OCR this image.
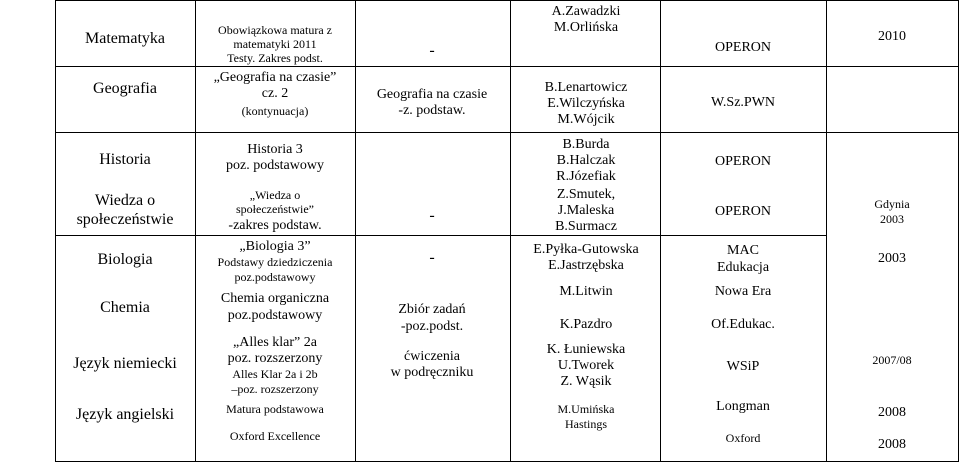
Matematyka
Geografia
Historia
Wiedza o
społeczeństwie
Biologia
Chemia
Język niemiecki
Język angielski
Obowiązkowa matura z
matematyki 2011
Testy. Zakres podst.
„Geografia na czasie”
cz. 2
(kontynuacja)
Historia 3
poz. podstawowy
„Wiedza o
społeczeństwie”
-zakres podstaw.
„Biologia 3”
Podstawy dziedziczenia
poz.podstawowy
Chemia organiczna
poz.podstawowy
„Alles klar” 2a
poz. rozszerzony
Alles Klar 2a i 2b
–poz. rozszerzony
Matura podstawowa
Oxford Excellence
-
Geografia na czasie
-z. podstaw.
-
-
Zbiór zadań
-poz.podst.
ćwiczenia
w podręczniku
A.Zawadzki
M.Orlińska
B.Lenartowicz
E.Wilczyńska
M.Wójcik
B.Burda
B.Halczak
R.Józefiak
Z.Smutek,
J.Maleska
B.Surmacz
E.Pyłka-Gutowska
E.Jastrzębska
M.Litwin
K.Pazdro
K. Łuniewska
U.Tworek
Z. Wąsik
M.Umińska
Hastings
OPERON
W.Sz.PWN
OPERON
OPERON
MAC
Edukacja
Nowa Era
Of.Edukac.
WSiP
Longman
Oxford
2010
Gdynia
2003
2003
2007/08
2008
2008
